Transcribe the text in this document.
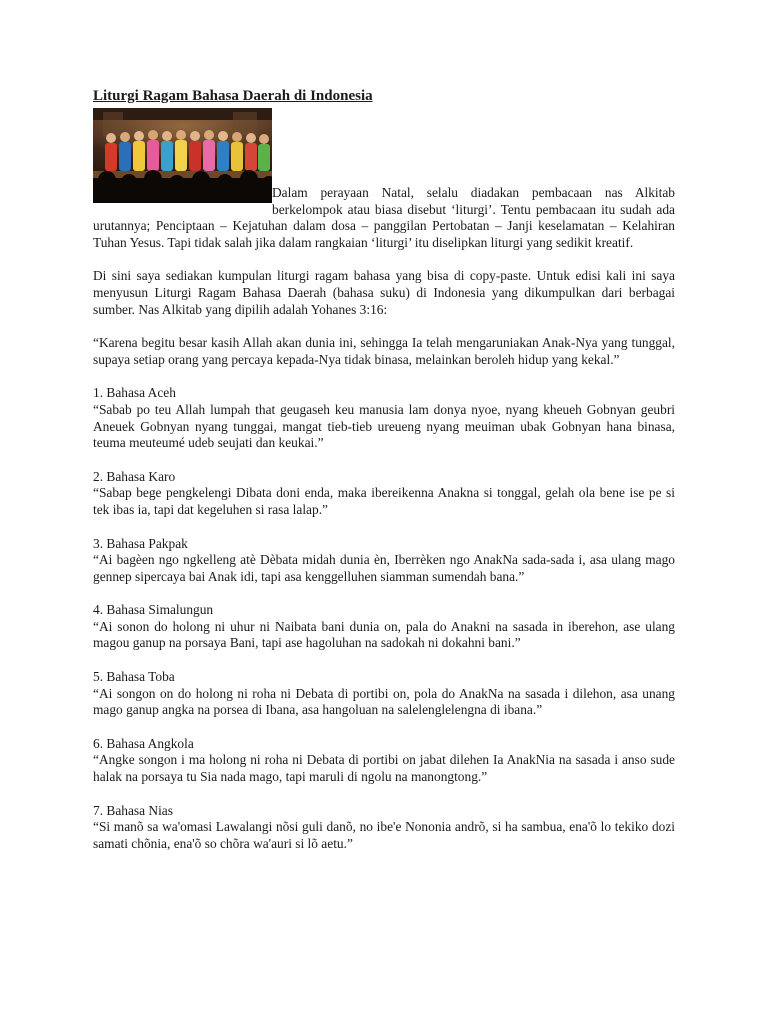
Liturgi Ragam Bahasa Daerah di Indonesia
Dalam perayaan Natal, selalu diadakan pembacaan nas Alkitab berkelompok atau biasa disebut ‘liturgi’. Tentu pembacaan itu sudah ada urutannya; Penciptaan – Kejatuhan dalam dosa – panggilan Pertobatan – Janji keselamatan – Kelahiran Tuhan Yesus. Tapi tidak salah jika dalam rangkaian ‘liturgi’ itu diselipkan liturgi yang sedikit kreatif.

Di sini saya sediakan kumpulan liturgi ragam bahasa yang bisa di copy-paste. Untuk edisi kali ini saya menyusun Liturgi Ragam Bahasa Daerah (bahasa suku) di Indonesia yang dikumpulkan dari berbagai sumber. Nas Alkitab yang dipilih adalah Yohanes 3:16:

“Karena begitu besar kasih Allah akan dunia ini, sehingga Ia telah mengaruniakan Anak-Nya yang tunggal, supaya setiap orang yang percaya kepada-Nya tidak binasa, melainkan beroleh hidup yang kekal.”

1. Bahasa Aceh
“Sabab po teu Allah lumpah that geugaseh keu manusia lam donya nyoe, nyang kheueh Gobnyan geubri Aneuek Gobnyan nyang tunggai, mangat tieb-tieb ureueng nyang meuiman ubak Gobnyan hana binasa, teuma meuteumé udeb seujati dan keukai.”
2. Bahasa Karo
“Sabap bege pengkelengi Dibata doni enda, maka ibereikenna Anakna si tonggal, gelah ola bene ise pe si tek ibas ia, tapi dat kegeluhen si rasa lalap.”
3. Bahasa Pakpak
“Ai bagèen ngo ngkelleng atè Dèbata midah dunia èn, Iberrèken ngo AnakNa sada-sada i, asa ulang mago gennep sipercaya bai Anak idi, tapi asa kenggelluhen siamman sumendah bana.”
4. Bahasa Simalungun
“Ai sonon do holong ni uhur ni Naibata bani dunia on, pala do Anakni na sasada in iberehon, ase ulang magou ganup na porsaya Bani, tapi ase hagoluhan na sadokah ni dokahni bani.”
5. Bahasa Toba
“Ai songon on do holong ni roha ni Debata di portibi on, pola do AnakNa na sasada i dilehon, asa unang mago ganup angka na porsea di Ibana, asa hangoluan na salelenglelengna di ibana.”
6. Bahasa Angkola
“Angke songon i ma holong ni roha ni Debata di portibi on jabat dilehen Ia AnakNia na sasada i anso sude halak na porsaya tu Sia nada mago, tapi maruli di ngolu na manongtong.”
7. Bahasa Nias
“Si manõ sa wa'omasi Lawalangi nõsi guli danõ, no ibe'e Nononia andrõ, si ha sambua, ena'õ lo tekiko dozi samati chõnia, ena'õ so chõra wa'auri si lõ aetu.”
